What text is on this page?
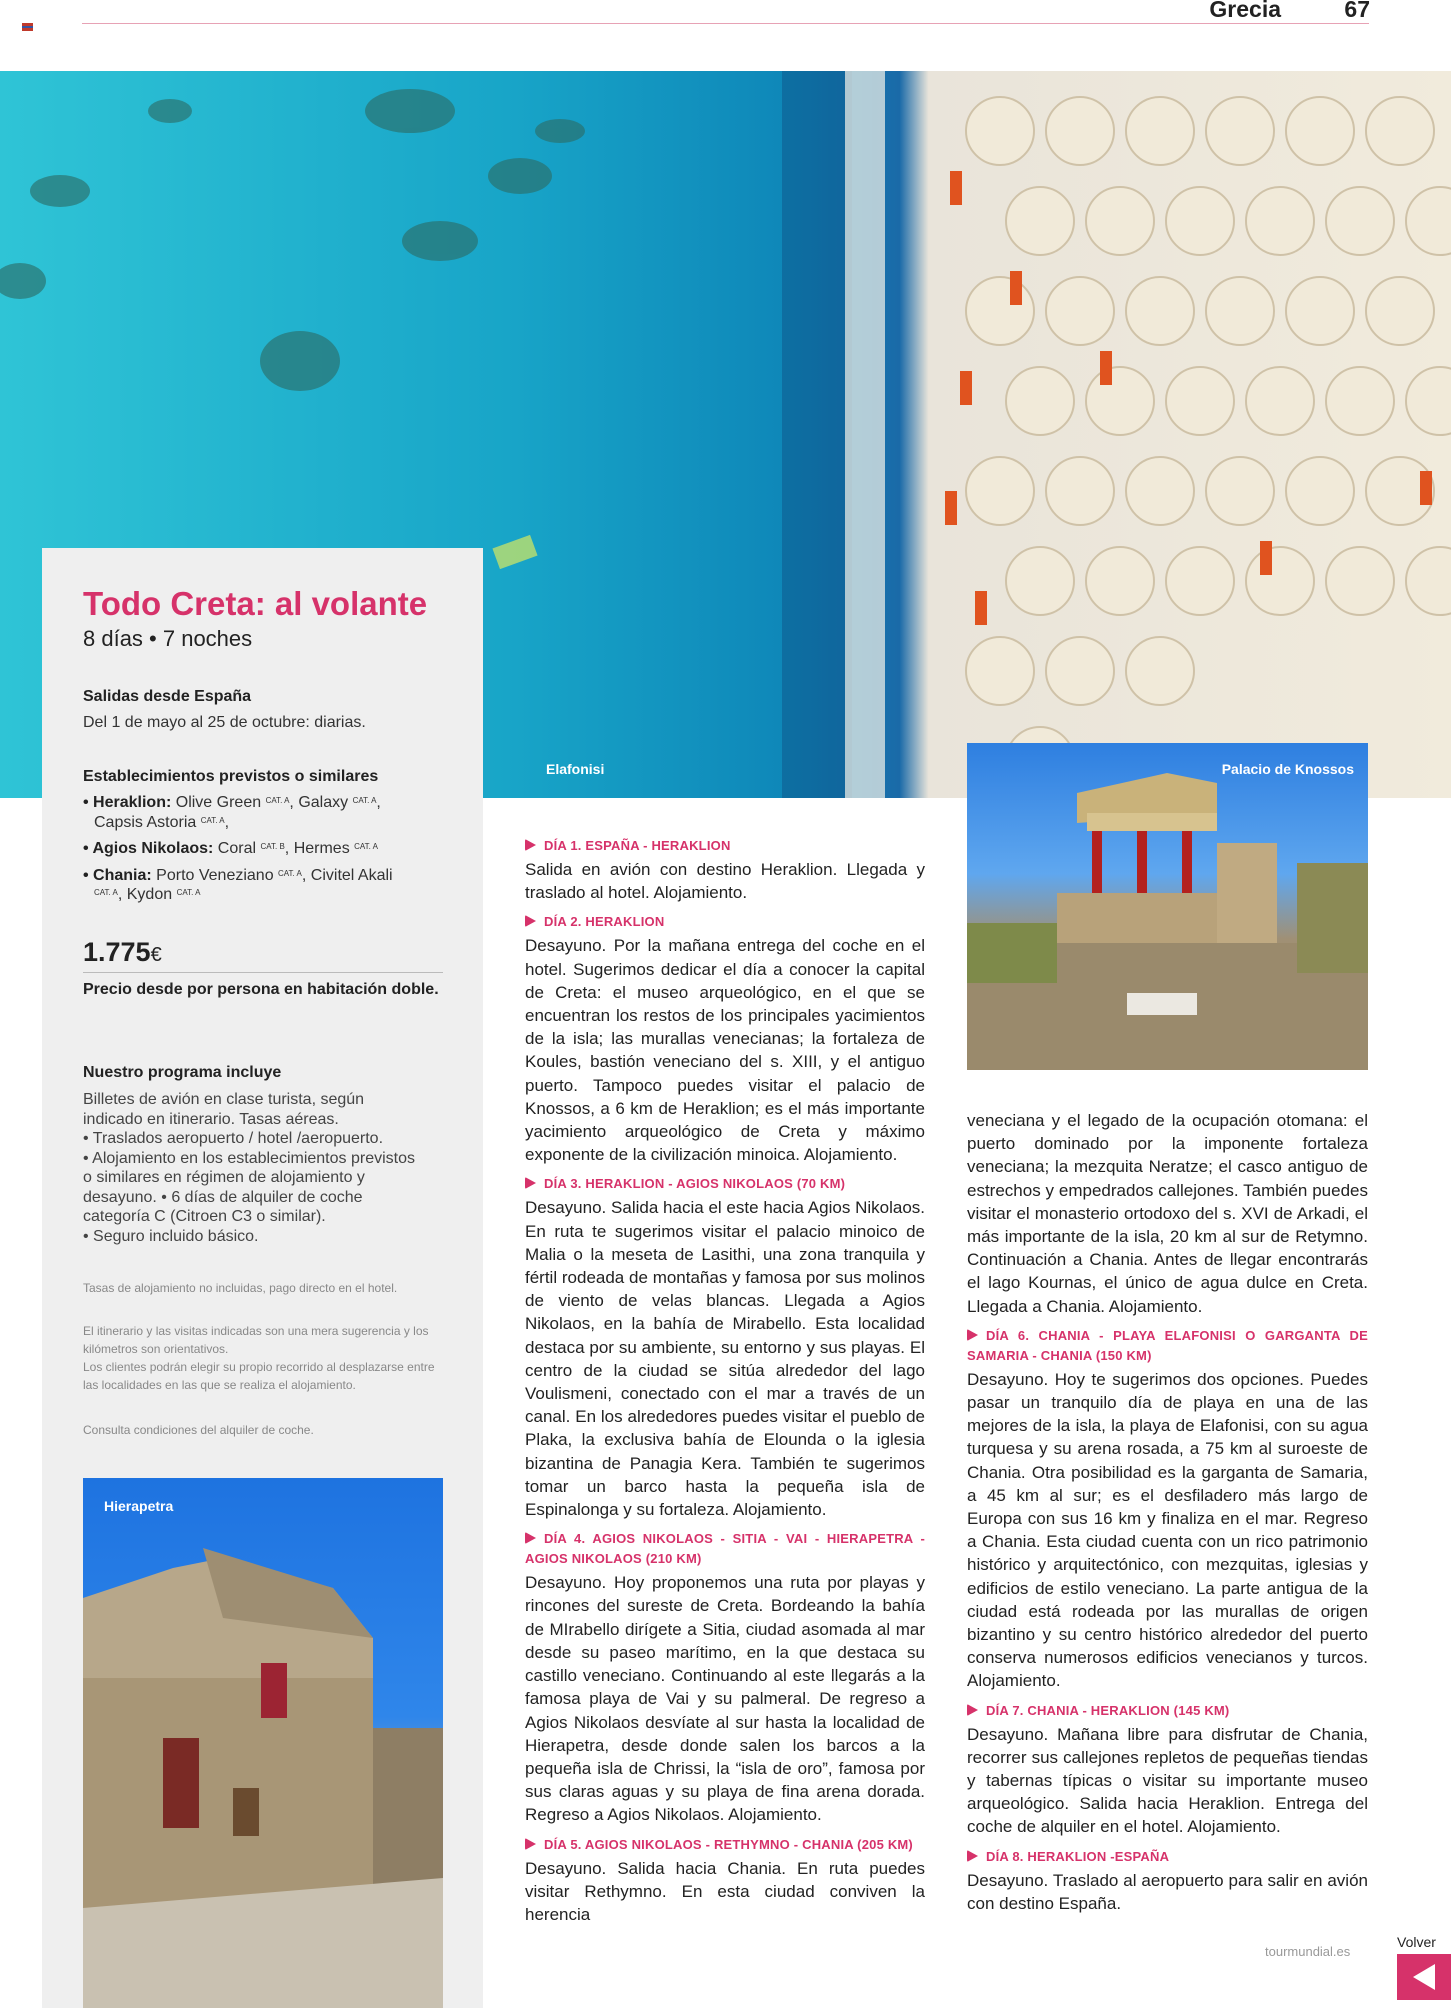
Grecia	67
Elafonisi
Todo Creta: al volante
8 días • 7 noches
Salidas desde España
Del 1 de mayo al 25 de octubre: diarias.
Establecimientos previstos o similares
• Heraklion: Olive Green $^{CAT. A}$, Galaxy $^{CAT. A}$,
Capsis Astoria $^{CAT. A}$,
• Agios Nikolaos: Coral $^{CAT. B}$, Hermes $^{CAT. A}$
• Chania: Porto Veneziano $^{CAT. A}$, Civitel Akali
$^{CAT. A}$, Kydon $^{CAT. A}$
1.775€
Precio desde por persona en habitación doble.
Nuestro programa incluye
Billetes de avión en clase turista, según indicado en itinerario. Tasas aéreas.
• Traslados aeropuerto / hotel /aeropuerto.
• Alojamiento en los establecimientos previstos o similares en régimen de alojamiento y desayuno. • 6 días de alquiler de coche categoría C (Citroen C3 o similar).
• Seguro incluido básico.
Tasas de alojamiento no incluidas, pago directo en el hotel.
El itinerario y las visitas indicadas son una mera sugerencia y los kilómetros son orientativos.
Los clientes podrán elegir su propio recorrido al desplazarse entre las localidades en las que se realiza el alojamiento.
Consulta condiciones del alquiler de coche.
Hierapetra
Palacio de Knossos
DÍA 1. ESPAÑA - HERAKLION

Salida en avión con destino Heraklion. Llegada y traslado al hotel. Alojamiento.

DÍA 2. HERAKLION

Desayuno. Por la mañana entrega del coche en el hotel. Sugerimos dedicar el día a conocer la capital de Creta: el museo arqueológico, en el que se encuentran los restos de los principales yacimientos de la isla; las murallas venecianas; la fortaleza de Koules, bastión veneciano del s. XIII, y el antiguo puerto. Tampoco puedes visitar el palacio de Knossos, a 6 km de Heraklion; es el más importante yacimiento arqueológico de Creta y máximo exponente de la civilización minoica. Alojamiento.

DÍA 3. HERAKLION - AGIOS NIKOLAOS (70 KM)

Desayuno. Salida hacia el este hacia Agios Nikolaos. En ruta te sugerimos visitar el palacio minoico de Malia o la meseta de Lasithi, una zona tranquila y fértil rodeada de montañas y famosa por sus molinos de viento de velas blancas. Llegada a Agios Nikolaos, en la bahía de Mirabello. Esta localidad destaca por su ambiente, su entorno y sus playas. El centro de la ciudad se sitúa alrededor del lago Voulismeni, conectado con el mar a través de un canal. En los alrededores puedes visitar el pueblo de Plaka, la exclusiva bahía de Elounda o la iglesia bizantina de Panagia Kera. También te sugerimos tomar un barco hasta la pequeña isla de Espinalonga y su fortaleza. Alojamiento.

DÍA 4. AGIOS NIKOLAOS - SITIA - VAI - HIERAPETRA - AGIOS NIKOLAOS (210 KM)

Desayuno. Hoy proponemos una ruta por playas y rincones del sureste de Creta. Bordeando la bahía de MIrabello dirígete a Sitia, ciudad asomada al mar desde su paseo marítimo, en la que destaca su castillo veneciano. Continuando al este llegarás a la famosa playa de Vai y su palmeral. De regreso a Agios Nikolaos desvíate al sur hasta la localidad de Hierapetra, desde donde salen los barcos a la pequeña isla de Chrissi, la “isla de oro”, famosa por sus claras aguas y su playa de fina arena dorada. Regreso a Agios Nikolaos. Alojamiento.

DÍA 5. AGIOS NIKOLAOS - RETHYMNO - CHANIA (205 KM)

Desayuno. Salida hacia Chania. En ruta puedes visitar Rethymno. En esta ciudad conviven la herencia

veneciana y el legado de la ocupación otomana: el puerto dominado por la imponente fortaleza veneciana; la mezquita Neratze; el casco antiguo de estrechos y empedrados callejones. También puedes visitar el monasterio ortodoxo del s. XVI de Arkadi, el más importante de la isla, 20 km al sur de Retymno. Continuación a Chania. Antes de llegar encontrarás el lago Kournas, el único de agua dulce en Creta. Llegada a Chania. Alojamiento.

DÍA 6. CHANIA - PLAYA ELAFONISI O GARGANTA DE SAMARIA - CHANIA (150 KM)

Desayuno. Hoy te sugerimos dos opciones. Puedes pasar un tranquilo día de playa en una de las mejores de la isla, la playa de Elafonisi, con su agua turquesa y su arena rosada, a 75 km al suroeste de Chania. Otra posibilidad es la garganta de Samaria, a 45 km al sur; es el desfiladero más largo de Europa con sus 16 km y finaliza en el mar. Regreso a Chania. Esta ciudad cuenta con un rico patrimonio histórico y arquitectónico, con mezquitas, iglesias y edificios de estilo veneciano. La parte antigua de la ciudad está rodeada por las murallas de origen bizantino y su centro histórico alrededor del puerto conserva numerosos edificios venecianos y turcos. Alojamiento.

DÍA 7. CHANIA - HERAKLION (145 KM)

Desayuno. Mañana libre para disfrutar de Chania, recorrer sus callejones repletos de pequeñas tiendas y tabernas típicas o visitar su importante museo arqueológico. Salida hacia Heraklion. Entrega del coche de alquiler en el hotel. Alojamiento.

DÍA 8. HERAKLION -ESPAÑA

Desayuno. Traslado al aeropuerto para salir en avión con destino España.

tourmundial.es
Volver
